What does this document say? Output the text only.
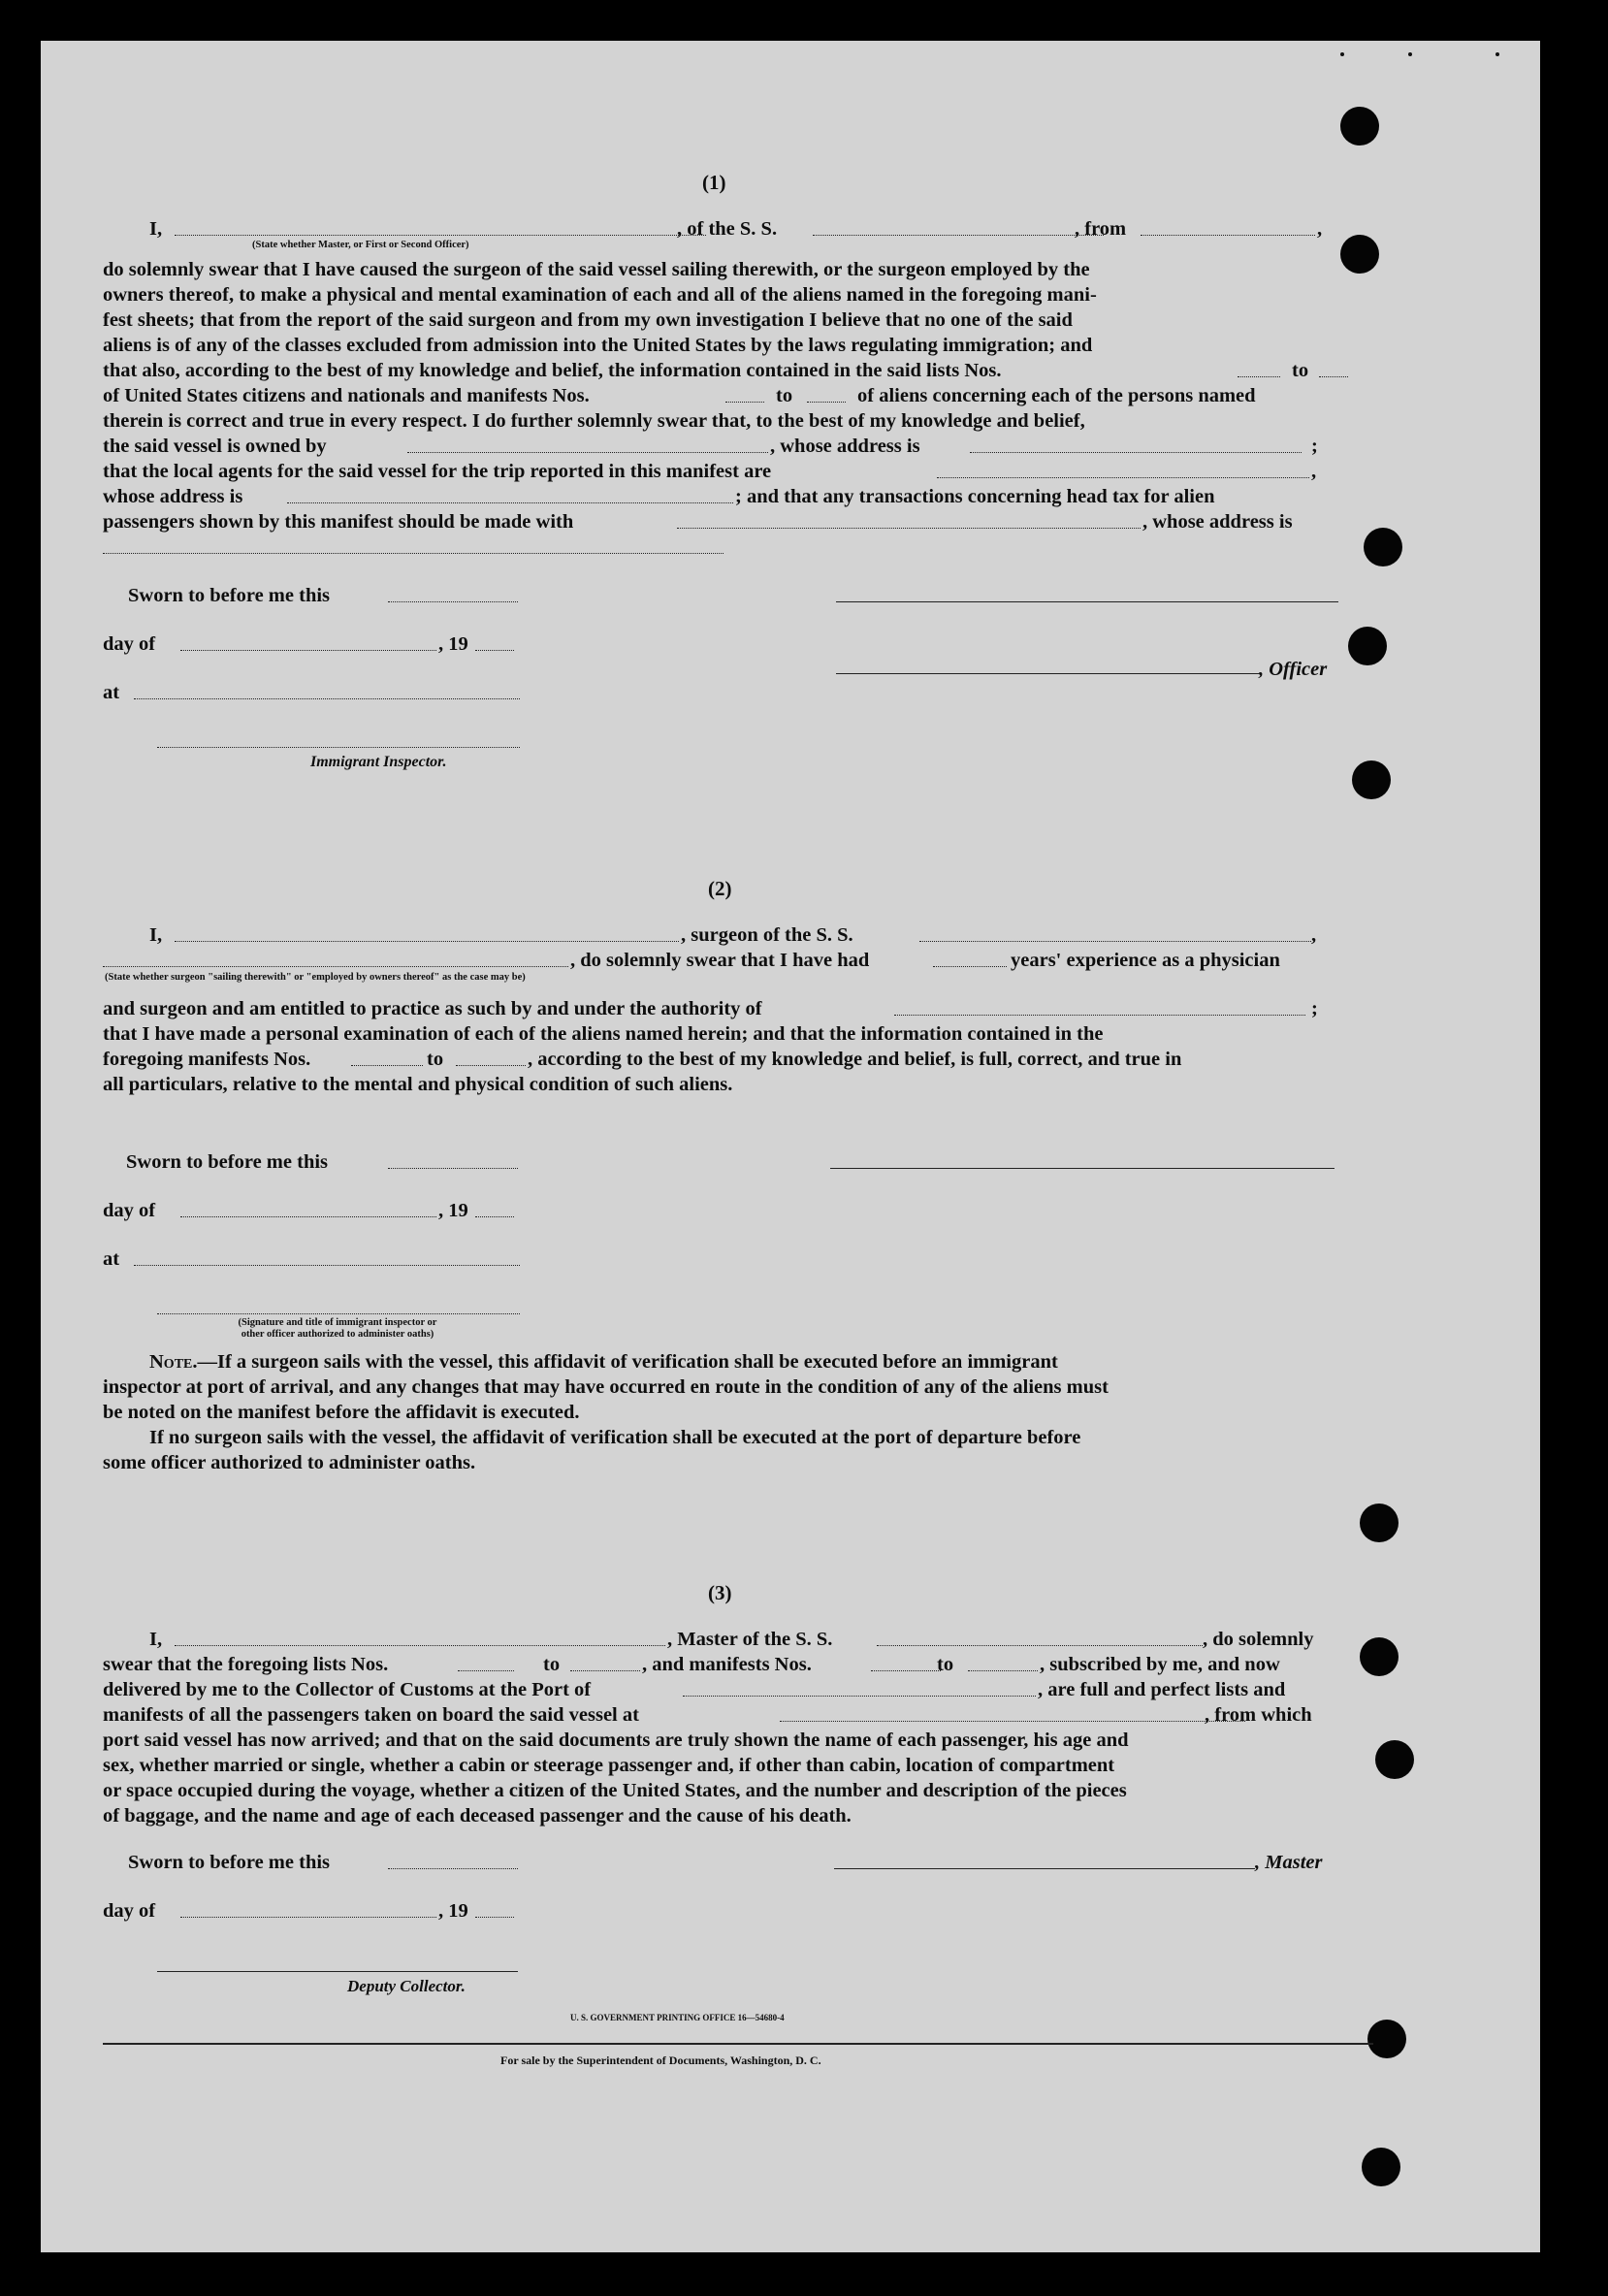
(1)
I,	, of the S. S.	, from	,
(State whether Master, or First or Second Officer)
do solemnly swear that I have caused the surgeon of the said vessel sailing therewith, or the surgeon employed by the
owners thereof, to make a physical and mental examination of each and all of the aliens named in the foregoing mani-
fest sheets; that from the report of the said surgeon and from my own investigation I believe that no one of the said
aliens is of any of the classes excluded from admission into the United States by the laws regulating immigration; and
that also, according to the best of my knowledge and belief, the information contained in the said lists Nos.	to
of United States citizens and nationals and manifests Nos.	to	of aliens concerning each of the persons named
therein is correct and true in every respect. I do further solemnly swear that, to the best of my knowledge and belief,
the said vessel is owned by	, whose address is	;
that the local agents for the said vessel for the trip reported in this manifest are	,
whose address is	; and that any transactions concerning head tax for alien
passengers shown by this manifest should be made with	, whose address is
Sworn to before me this
day of	, 19
, Officer
at
Immigrant Inspector.
(2)
I,	, surgeon of the S. S.	,
, do solemnly swear that I have had	years' experience as a physician
(State whether surgeon "sailing therewith" or "employed by owners thereof" as the case may be)
and surgeon and am entitled to practice as such by and under the authority of	;
that I have made a personal examination of each of the aliens named herein; and that the information contained in the
foregoing manifests Nos.	to	, according to the best of my knowledge and belief, is full, correct, and true in
all particulars, relative to the mental and physical condition of such aliens.
Sworn to before me this
day of	, 19
at
(Signature and title of immigrant inspector or
other officer authorized to administer oaths)
Note.—If a surgeon sails with the vessel, this affidavit of verification shall be executed before an immigrant
inspector at port of arrival, and any changes that may have occurred en route in the condition of any of the aliens must
be noted on the manifest before the affidavit is executed.
If no surgeon sails with the vessel, the affidavit of verification shall be executed at the port of departure before
some officer authorized to administer oaths.
(3)
I,	, Master of the S. S.	, do solemnly
swear that the foregoing lists Nos.	to	, and manifests Nos.	to	, subscribed by me, and now
delivered by me to the Collector of Customs at the Port of	, are full and perfect lists and
manifests of all the passengers taken on board the said vessel at	, from which
port said vessel has now arrived; and that on the said documents are truly shown the name of each passenger, his age and
sex, whether married or single, whether a cabin or steerage passenger and, if other than cabin, location of compartment
or space occupied during the voyage, whether a citizen of the United States, and the number and description of the pieces
of baggage, and the name and age of each deceased passenger and the cause of his death.
Sworn to before me this	, Master
day of	, 19
Deputy Collector.
U. S. GOVERNMENT PRINTING OFFICE 16—54680-4
For sale by the Superintendent of Documents, Washington, D. C.
